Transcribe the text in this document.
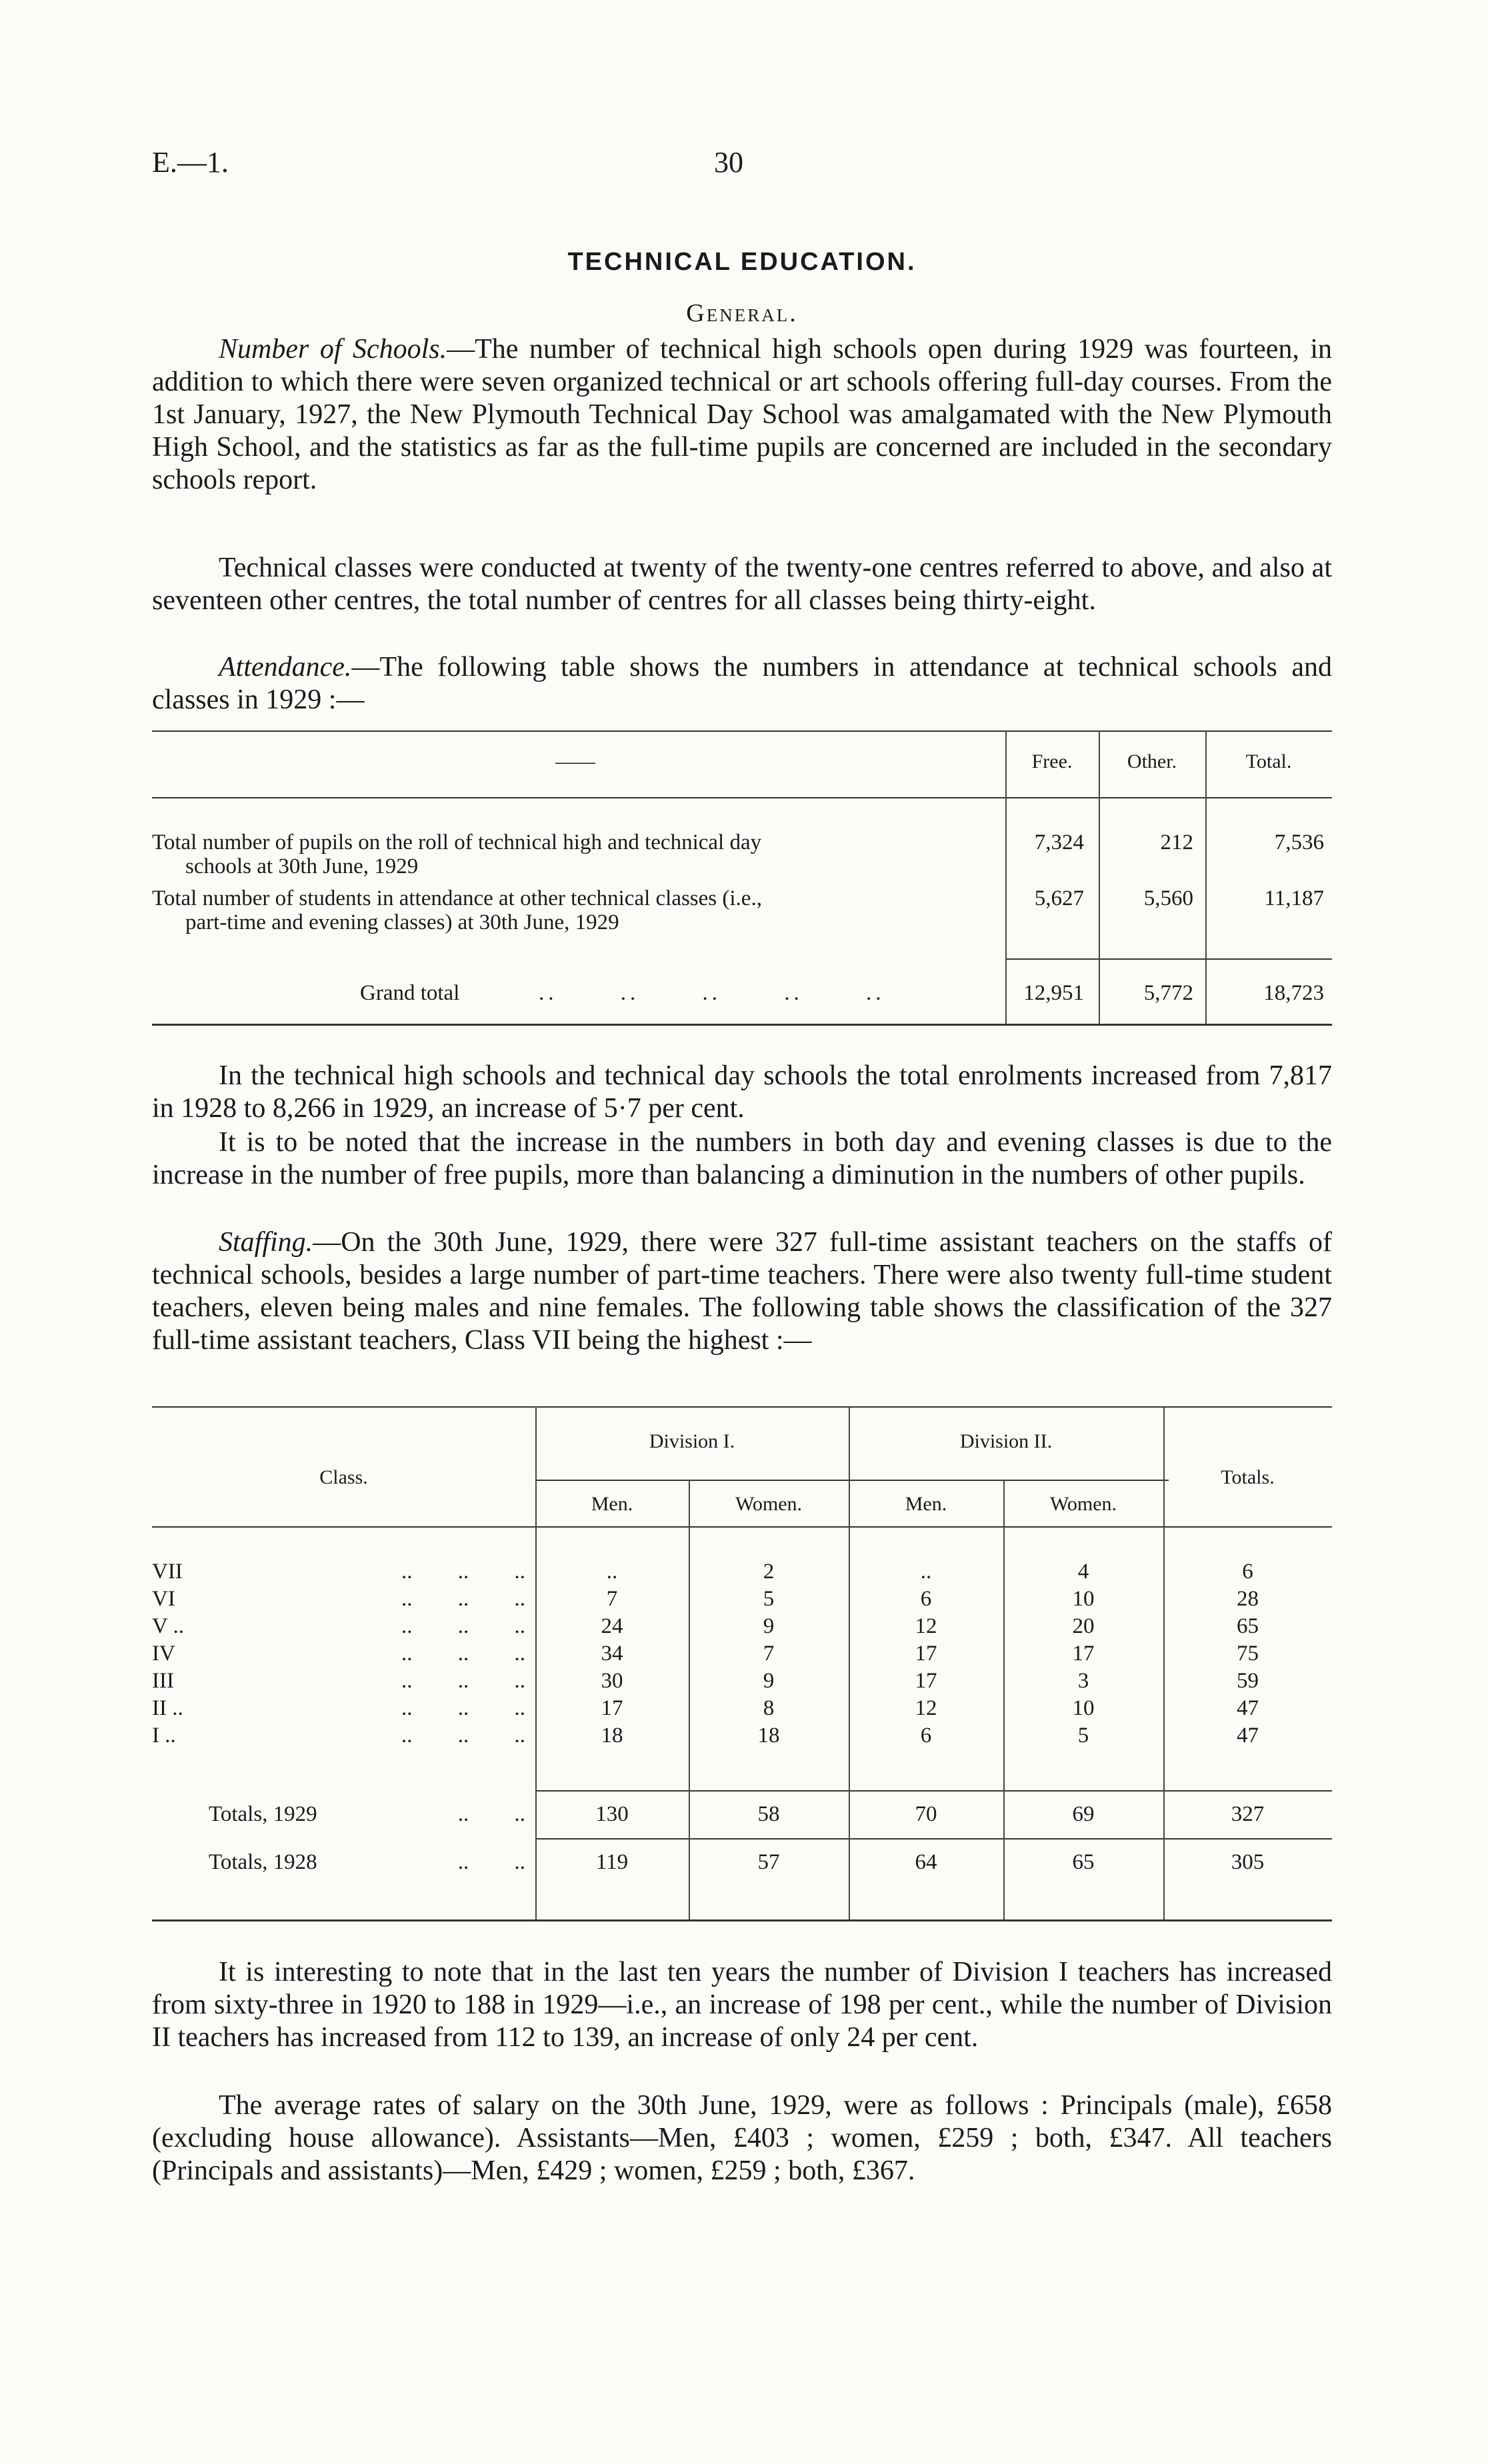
E.—1.	30
TECHNICAL EDUCATION.
General.

Number of Schools.—The number of technical high schools open during 1929 was fourteen, in addition to which there were seven organized technical or art schools offering full-day courses. From the 1st January, 1927, the New Plymouth Technical Day School was amalgamated with the New Plymouth High School, and the statistics as far as the full-time pupils are concerned are included in the secondary schools report.

Technical classes were conducted at twenty of the twenty-one centres referred to above, and also at seventeen other centres, the total number of centres for all classes being thirty-eight.

Attendance.—The following table shows the numbers in attendance at technical schools and classes in 1929 :—

——	Free.	Other.	Total.
Total number of pupils on the roll of technical high and technical day
schools at 30th June, 1929
7,324	212	7,536
Total number of students in attendance at other technical classes (i.e.,
part-time and evening classes) at 30th June, 1929
5,627	5,560	11,187
Grand total	.. .. .. .. ..	12,951	5,772	18,723

In the technical high schools and technical day schools the total enrolments increased from 7,817 in 1928 to 8,266 in 1929, an increase of 5·7 per cent.

It is to be noted that the increase in the numbers in both day and evening classes is due to the increase in the number of free pupils, more than balancing a diminution in the numbers of other pupils.

Staffing.—On the 30th June, 1929, there were 327 full-time assistant teachers on the staffs of technical schools, besides a large number of part-time teachers. There were also twenty full-time student teachers, eleven being males and nine females. The following table shows the classification of the 327 full-time assistant teachers, Class VII being the highest :—

Class.
Division I.	Division II.
Totals.
Men.	Women.	Men.	Women.
VII	.. .. ..	..	2	..	4	6
VI	.. .. ..	7	5	6	10	28
V ..	.. .. ..	24	9	12	20	65
IV	.. .. ..	34	7	17	17	75
III	.. .. ..	30	9	17	3	59
II ..	.. .. ..	17	8	12	10	47
I ..	.. .. ..	18	18	6	5	47
Totals, 1929	.. ..	130	58	70	69	327
Totals, 1928	.. ..	119	57	64	65	305

It is interesting to note that in the last ten years the number of Division I teachers has increased from sixty-three in 1920 to 188 in 1929—i.e., an increase of 198 per cent., while the number of Division II teachers has increased from 112 to 139, an increase of only 24 per cent.

The average rates of salary on the 30th June, 1929, were as follows : Principals (male), £658 (excluding house allowance). Assistants—Men, £403 ; women, £259 ; both, £347. All teachers (Principals and assistants)—Men, £429 ; women, £259 ; both, £367.
